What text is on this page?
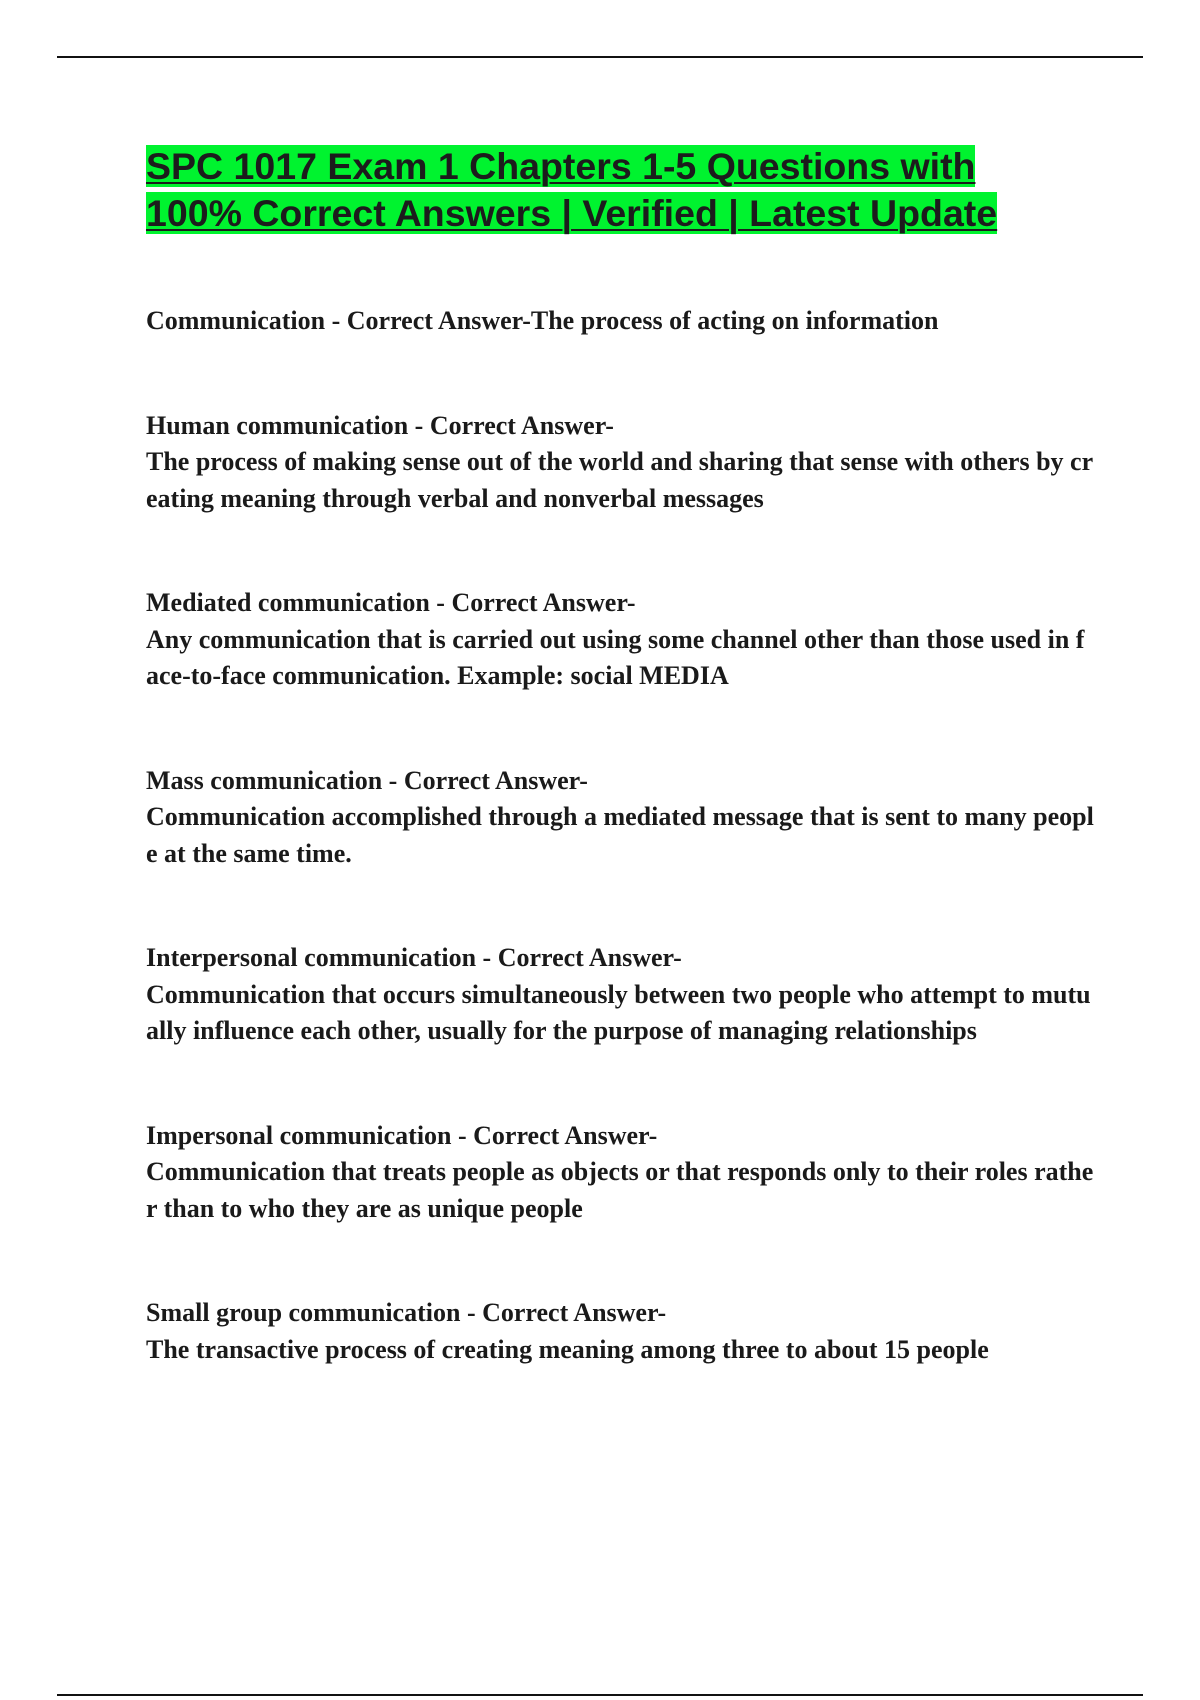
SPC 1017 Exam 1 Chapters 1-5 Questions with
100% Correct Answers | Verified | Latest Update
Communication - Correct Answer-The process of acting on information
Human communication - Correct Answer-
The process of making sense out of the world and sharing that sense with others by creating meaning through verbal and nonverbal messages
Mediated communication - Correct Answer-
Any communication that is carried out using some channel other than those used in face-to-face communication. Example: social MEDIA
Mass communication - Correct Answer-
Communication accomplished through a mediated message that is sent to many people at the same time.
Interpersonal communication - Correct Answer-
Communication that occurs simultaneously between two people who attempt to mutually influence each other, usually for the purpose of managing relationships
Impersonal communication - Correct Answer-
Communication that treats people as objects or that responds only to their roles rather than to who they are as unique people
Small group communication - Correct Answer-
The transactive process of creating meaning among three to about 15 people
